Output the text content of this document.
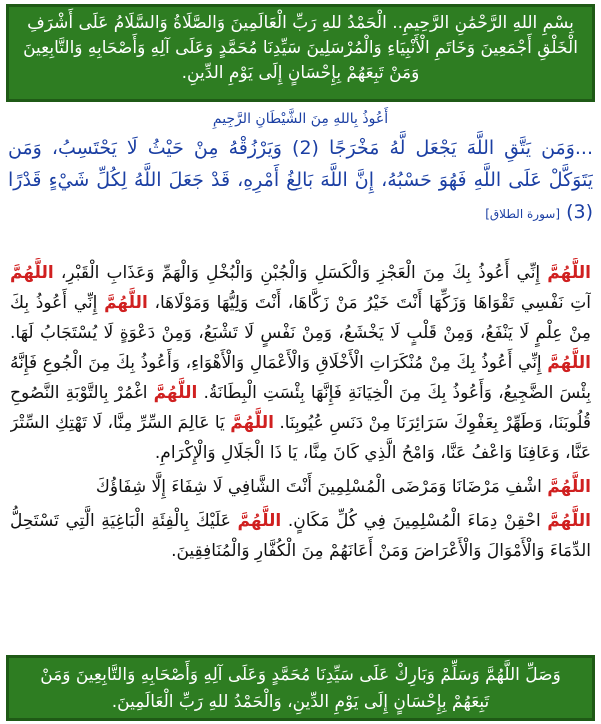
بِسْمِ اللهِ الرَّحْمَٰنِ الرَّحِيمِ.. الْحَمْدُ للهِ رَبِّ الْعَالَمِينَ وَالصَّلَاةُ وَالسَّلَامُ عَلَى أَشْرَفِ الْخَلْقِ أَجْمَعِينَ وَخَاتَمِ الْأَنْبِيَاءِ وَالْمُرْسَلِينَ سَيِّدِنَا مُحَمَّدٍ وَعَلَى آلِهِ وَأَصْحَابِهِ وَالتَّابِعِينَ وَمَنْ تَبِعَهُمْ بِإِحْسَانٍ إِلَى يَوْمِ الدِّينِ.
أَعُوذُ بِاللهِ مِنَ الشَّيْطَانِ الرَّجِيمِ
...وَمَن يَتَّقِ اللَّهَ يَجْعَل لَّهُ مَخْرَجًا (2) وَيَرْزُقْهُ مِنْ حَيْثُ لَا يَحْتَسِبُ، وَمَن يَتَوَكَّلْ عَلَى اللَّهِ فَهُوَ حَسْبُهُ، إِنَّ اللَّهَ بَالِغُ أَمْرِهِ، قَدْ جَعَلَ اللَّهُ لِكُلِّ شَيْءٍ قَدْرًا (3) [سورة الطلاق]

اللَّهُمَّ إِنِّي أَعُوذُ بِكَ مِنَ الْعَجْزِ وَالْكَسَلِ وَالْجُبْنِ وَالْبُخْلِ وَالْهَمِّ وَعَذَابِ الْقَبْرِ، اللَّهُمَّ آتِ نَفْسِي تَقْوَاهَا وَزَكِّهَا أَنْتَ خَيْرُ مَنْ زَكَّاهَا، أَنْتَ وَلِيُّهَا وَمَوْلَاهَا، اللَّهُمَّ إِنِّي أَعُوذُ بِكَ مِنْ عِلْمٍ لَا يَنْفَعُ، وَمِنْ قَلْبٍ لَا يَخْشَعُ، وَمِنْ نَفْسٍ لَا تَشْبَعُ، وَمِنْ دَعْوَةٍ لَا يُسْتَجَابُ لَهَا. اللَّهُمَّ إِنِّي أَعُوذُ بِكَ مِنْ مُنْكَرَاتِ الْأَخْلَاقِ وَالْأَعْمَالِ وَالْأَهْوَاءِ، وَأَعُوذُ بِكَ مِنَ الْجُوعِ فَإِنَّهُ بِئْسَ الضَّجِيعُ، وَأَعُوذُ بِكَ مِنَ الْخِيَانَةِ فَإِنَّهَا بِئْسَتِ الْبِطَانَةُ. اللَّهُمَّ اغْمُرْ بِالتَّوْبَةِ النَّصُوحِ قُلُوبَنَا، وَطَهِّرْ بِعَفْوِكَ سَرَائِرَنَا مِنْ دَنَسِ عُيُوبِنَا. اللَّهُمَّ يَا عَالِمَ السِّرِّ مِنَّا، لَا تَهْتِكِ السِّتْرَ عَنَّا، وَعَافِنَا وَاعْفُ عَنَّا، وَامْحُ الَّذِي كَانَ مِنَّا، يَا ذَا الْجَلَالِ وَالْإِكْرَامِ.

اللَّهُمَّ اشْفِ مَرْضَانَا وَمَرْضَى الْمُسْلِمِينَ أَنْتَ الشَّافِي لَا شِفَاءَ إِلَّا شِفَاؤُكَ

اللَّهُمَّ احْقِنْ دِمَاءَ الْمُسْلِمِينَ فِي كُلِّ مَكَانٍ. اللَّهُمَّ عَلَيْكَ بِالْفِئَةِ الْبَاغِيَةِ الَّتِي تَسْتَحِلُّ الدِّمَاءَ وَالْأَمْوَالَ وَالْأَعْرَاضَ وَمَنْ أَعَانَهُمْ مِنَ الْكُفَّارِ وَالْمُنَافِقِينَ.

وَصَلِّ اللَّهُمَّ وَسَلِّمْ وَبَارِكْ عَلَى سَيِّدِنَا مُحَمَّدٍ وَعَلَى آلِهِ وَأَصْحَابِهِ وَالتَّابِعِينَ وَمَنْ تَبِعَهُمْ بِإِحْسَانٍ إِلَى يَوْمِ الدِّينِ، وَالْحَمْدُ للهِ رَبِّ الْعَالَمِينَ.
